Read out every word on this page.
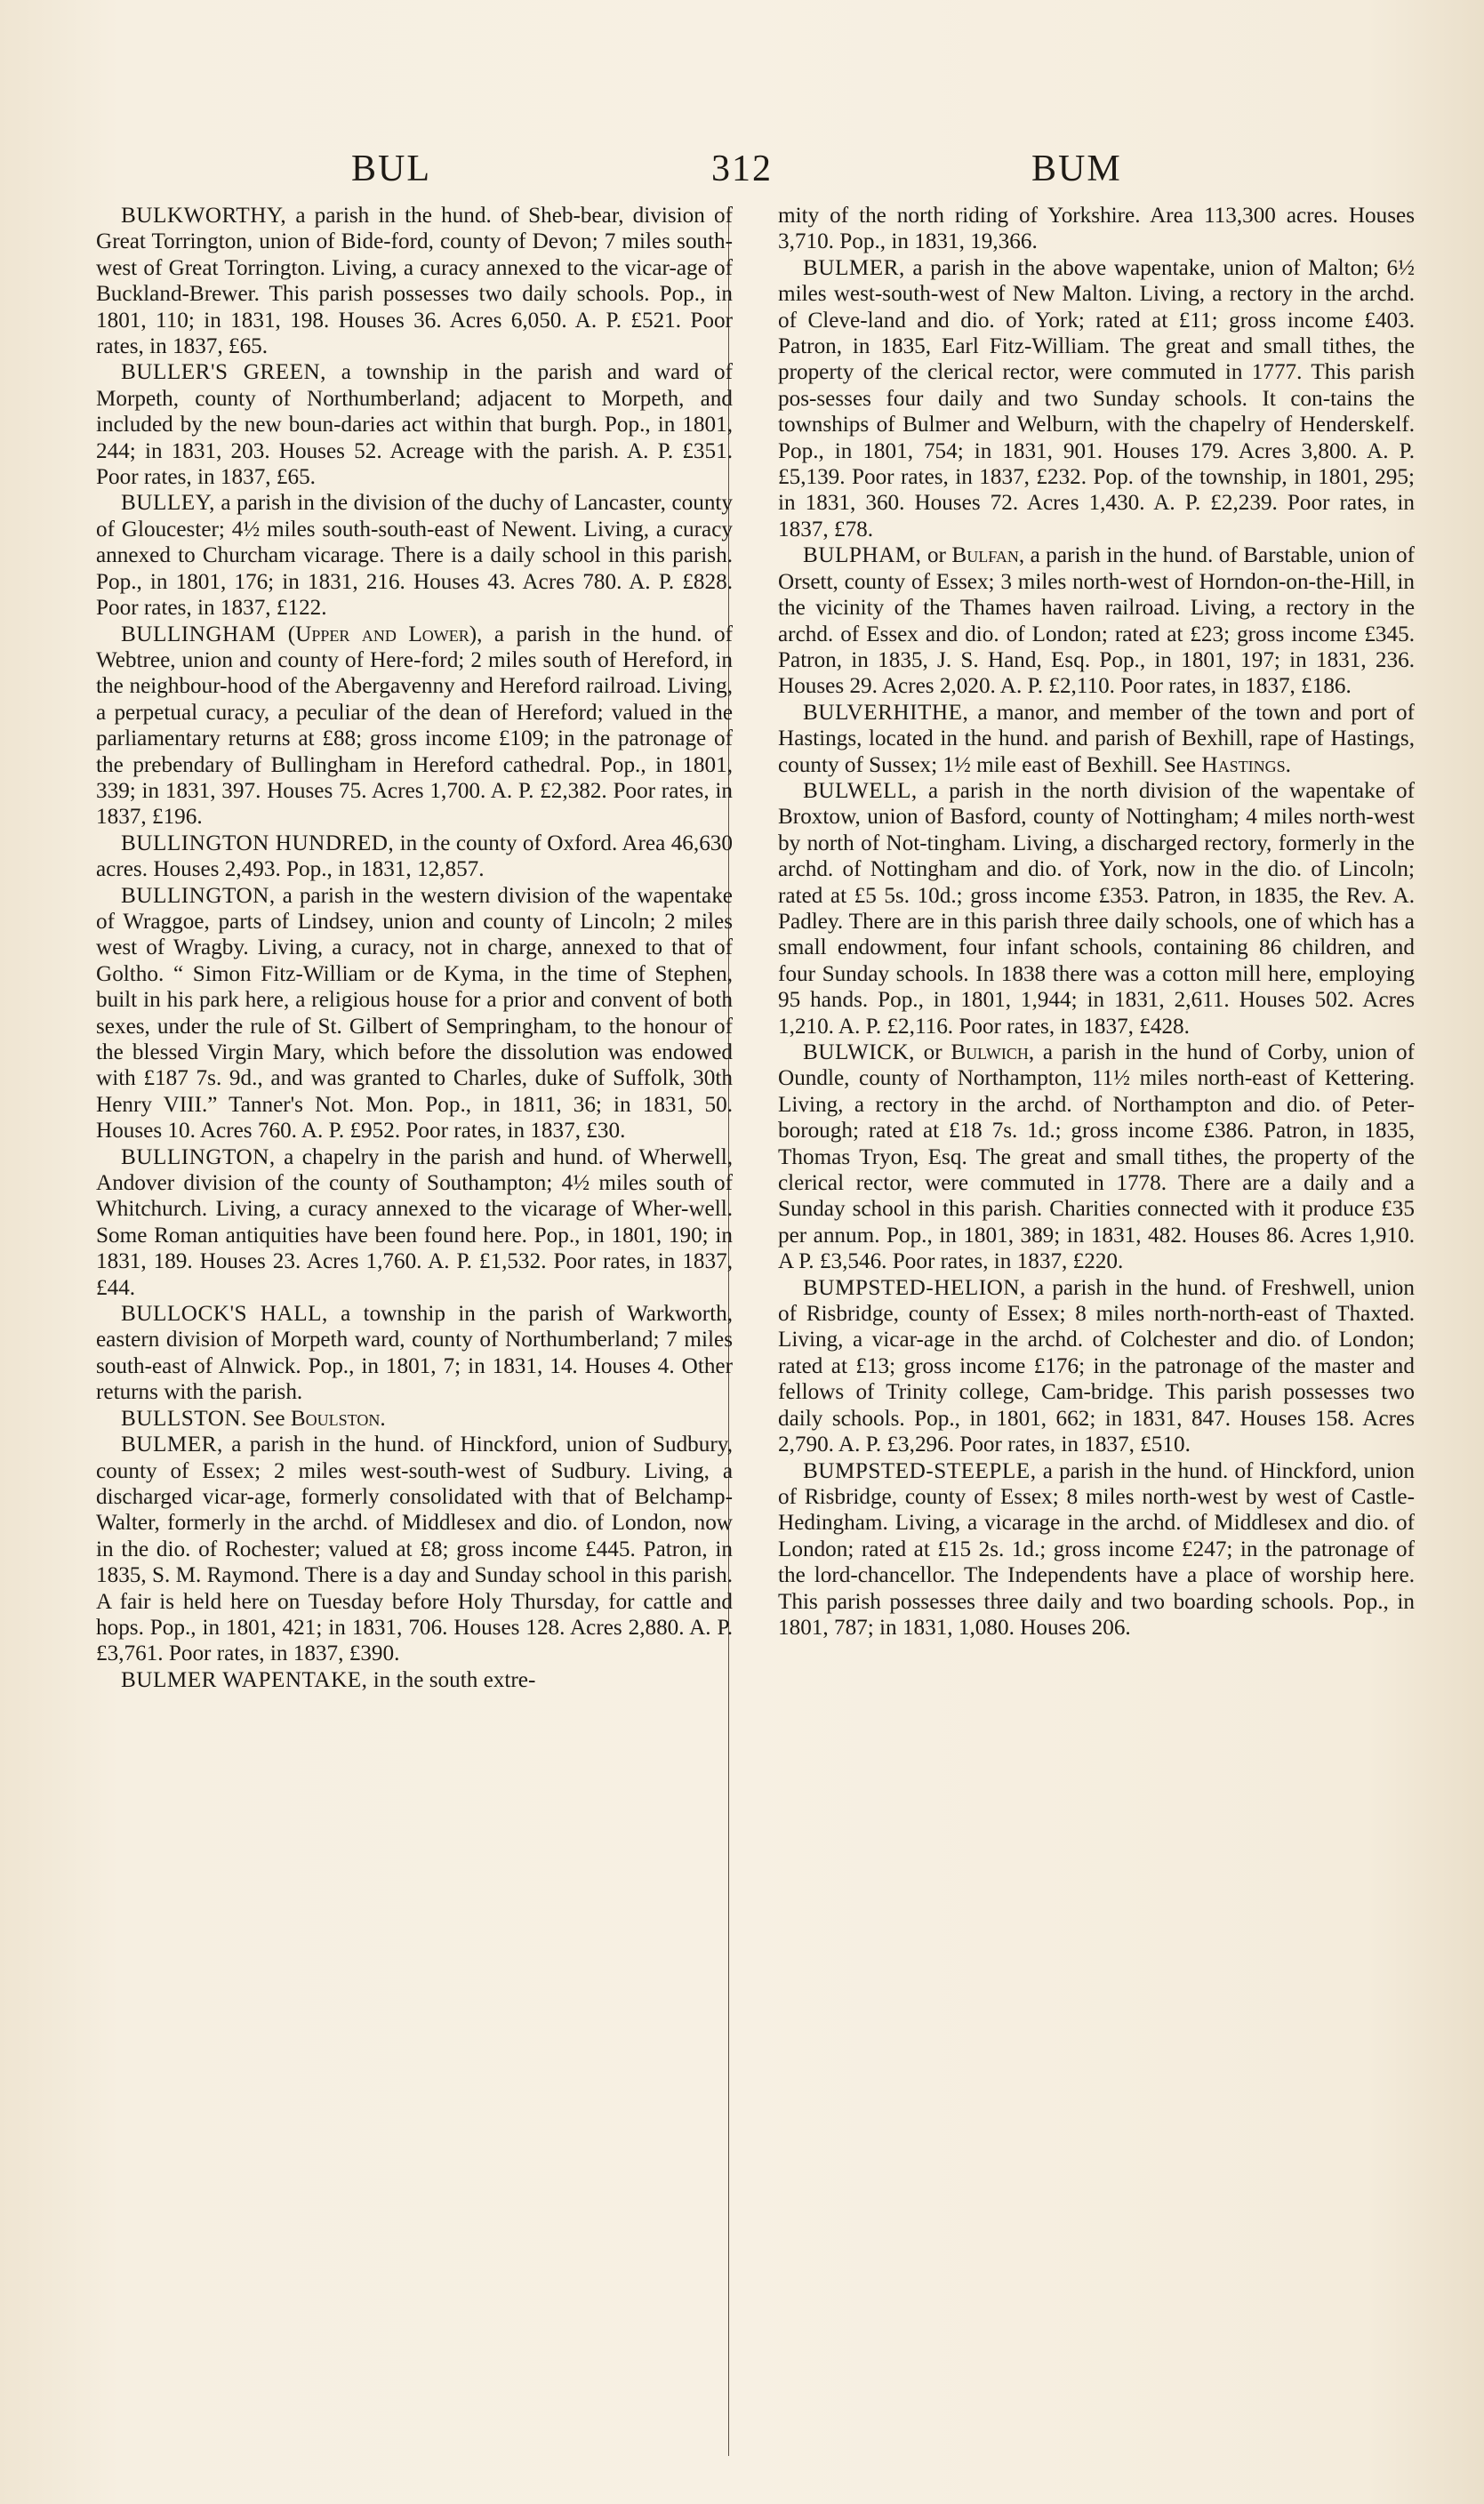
BUL	312	BUM

BULKWORTHY, a parish in the hund. of Sheb-bear, division of Great Torrington, union of Bide-ford, county of Devon; 7 miles south-west of Great Torrington. Living, a curacy annexed to the vicar-age of Buckland-Brewer. This parish possesses two daily schools. Pop., in 1801, 110; in 1831, 198. Houses 36. Acres 6,050. A. P. £521. Poor rates, in 1837, £65.

BULLER'S GREEN, a township in the parish and ward of Morpeth, county of Northumberland; adjacent to Morpeth, and included by the new boun-daries act within that burgh. Pop., in 1801, 244; in 1831, 203. Houses 52. Acreage with the parish. A. P. £351. Poor rates, in 1837, £65.

BULLEY, a parish in the division of the duchy of Lancaster, county of Gloucester; 4½ miles south-south-east of Newent. Living, a curacy annexed to Churcham vicarage. There is a daily school in this parish. Pop., in 1801, 176; in 1831, 216. Houses 43. Acres 780. A. P. £828. Poor rates, in 1837, £122.

BULLINGHAM (Upper and Lower), a parish in the hund. of Webtree, union and county of Here-ford; 2 miles south of Hereford, in the neighbour-hood of the Abergavenny and Hereford railroad. Living, a perpetual curacy, a peculiar of the dean of Hereford; valued in the parliamentary returns at £88; gross income £109; in the patronage of the prebendary of Bullingham in Hereford cathedral. Pop., in 1801, 339; in 1831, 397. Houses 75. Acres 1,700. A. P. £2,382. Poor rates, in 1837, £196.

BULLINGTON HUNDRED, in the county of Oxford. Area 46,630 acres. Houses 2,493. Pop., in 1831, 12,857.

BULLINGTON, a parish in the western division of the wapentake of Wraggoe, parts of Lindsey, union and county of Lincoln; 2 miles west of Wragby. Living, a curacy, not in charge, annexed to that of Goltho. “ Simon Fitz-William or de Kyma, in the time of Stephen, built in his park here, a religious house for a prior and convent of both sexes, under the rule of St. Gilbert of Sempringham, to the honour of the blessed Virgin Mary, which before the dissolution was endowed with £187 7s. 9d., and was granted to Charles, duke of Suffolk, 30th Henry VIII.” Tanner's Not. Mon. Pop., in 1811, 36; in 1831, 50. Houses 10. Acres 760. A. P. £952. Poor rates, in 1837, £30.

BULLINGTON, a chapelry in the parish and hund. of Wherwell, Andover division of the county of Southampton; 4½ miles south of Whitchurch. Living, a curacy annexed to the vicarage of Wher-well. Some Roman antiquities have been found here. Pop., in 1801, 190; in 1831, 189. Houses 23. Acres 1,760. A. P. £1,532. Poor rates, in 1837, £44.

BULLOCK'S HALL, a township in the parish of Warkworth, eastern division of Morpeth ward, county of Northumberland; 7 miles south-east of Alnwick. Pop., in 1801, 7; in 1831, 14. Houses 4. Other returns with the parish.

BULLSTON. See Boulston.

BULMER, a parish in the hund. of Hinckford, union of Sudbury, county of Essex; 2 miles west-south-west of Sudbury. Living, a discharged vicar-age, formerly consolidated with that of Belchamp-Walter, formerly in the archd. of Middlesex and dio. of London, now in the dio. of Rochester; valued at £8; gross income £445. Patron, in 1835, S. M. Raymond. There is a day and Sunday school in this parish. A fair is held here on Tuesday before Holy Thursday, for cattle and hops. Pop., in 1801, 421; in 1831, 706. Houses 128. Acres 2,880. A. P. £3,761. Poor rates, in 1837, £390.

BULMER WAPENTAKE, in the south extre-

mity of the north riding of Yorkshire. Area 113,300 acres. Houses 3,710. Pop., in 1831, 19,366.

BULMER, a parish in the above wapentake, union of Malton; 6½ miles west-south-west of New Malton. Living, a rectory in the archd. of Cleve-land and dio. of York; rated at £11; gross income £403. Patron, in 1835, Earl Fitz-William. The great and small tithes, the property of the clerical rector, were commuted in 1777. This parish pos-sesses four daily and two Sunday schools. It con-tains the townships of Bulmer and Welburn, with the chapelry of Henderskelf. Pop., in 1801, 754; in 1831, 901. Houses 179. Acres 3,800. A. P. £5,139. Poor rates, in 1837, £232. Pop. of the township, in 1801, 295; in 1831, 360. Houses 72. Acres 1,430. A. P. £2,239. Poor rates, in 1837, £78.

BULPHAM, or Bulfan, a parish in the hund. of Barstable, union of Orsett, county of Essex; 3 miles north-west of Horndon-on-the-Hill, in the vicinity of the Thames haven railroad. Living, a rectory in the archd. of Essex and dio. of London; rated at £23; gross income £345. Patron, in 1835, J. S. Hand, Esq. Pop., in 1801, 197; in 1831, 236. Houses 29. Acres 2,020. A. P. £2,110. Poor rates, in 1837, £186.

BULVERHITHE, a manor, and member of the town and port of Hastings, located in the hund. and parish of Bexhill, rape of Hastings, county of Sussex; 1½ mile east of Bexhill. See Hastings.

BULWELL, a parish in the north division of the wapentake of Broxtow, union of Basford, county of Nottingham; 4 miles north-west by north of Not-tingham. Living, a discharged rectory, formerly in the archd. of Nottingham and dio. of York, now in the dio. of Lincoln; rated at £5 5s. 10d.; gross income £353. Patron, in 1835, the Rev. A. Padley. There are in this parish three daily schools, one of which has a small endowment, four infant schools, containing 86 children, and four Sunday schools. In 1838 there was a cotton mill here, employing 95 hands. Pop., in 1801, 1,944; in 1831, 2,611. Houses 502. Acres 1,210. A. P. £2,116. Poor rates, in 1837, £428.

BULWICK, or Bulwich, a parish in the hund of Corby, union of Oundle, county of Northampton, 11½ miles north-east of Kettering. Living, a rectory in the archd. of Northampton and dio. of Peter-borough; rated at £18 7s. 1d.; gross income £386. Patron, in 1835, Thomas Tryon, Esq. The great and small tithes, the property of the clerical rector, were commuted in 1778. There are a daily and a Sunday school in this parish. Charities connected with it produce £35 per annum. Pop., in 1801, 389; in 1831, 482. Houses 86. Acres 1,910. A P. £3,546. Poor rates, in 1837, £220.

BUMPSTED-HELION, a parish in the hund. of Freshwell, union of Risbridge, county of Essex; 8 miles north-north-east of Thaxted. Living, a vicar-age in the archd. of Colchester and dio. of London; rated at £13; gross income £176; in the patronage of the master and fellows of Trinity college, Cam-bridge. This parish possesses two daily schools. Pop., in 1801, 662; in 1831, 847. Houses 158. Acres 2,790. A. P. £3,296. Poor rates, in 1837, £510.

BUMPSTED-STEEPLE, a parish in the hund. of Hinckford, union of Risbridge, county of Essex; 8 miles north-west by west of Castle-Hedingham. Living, a vicarage in the archd. of Middlesex and dio. of London; rated at £15 2s. 1d.; gross income £247; in the patronage of the lord-chancellor. The Independents have a place of worship here. This parish possesses three daily and two boarding schools. Pop., in 1801, 787; in 1831, 1,080. Houses 206.
